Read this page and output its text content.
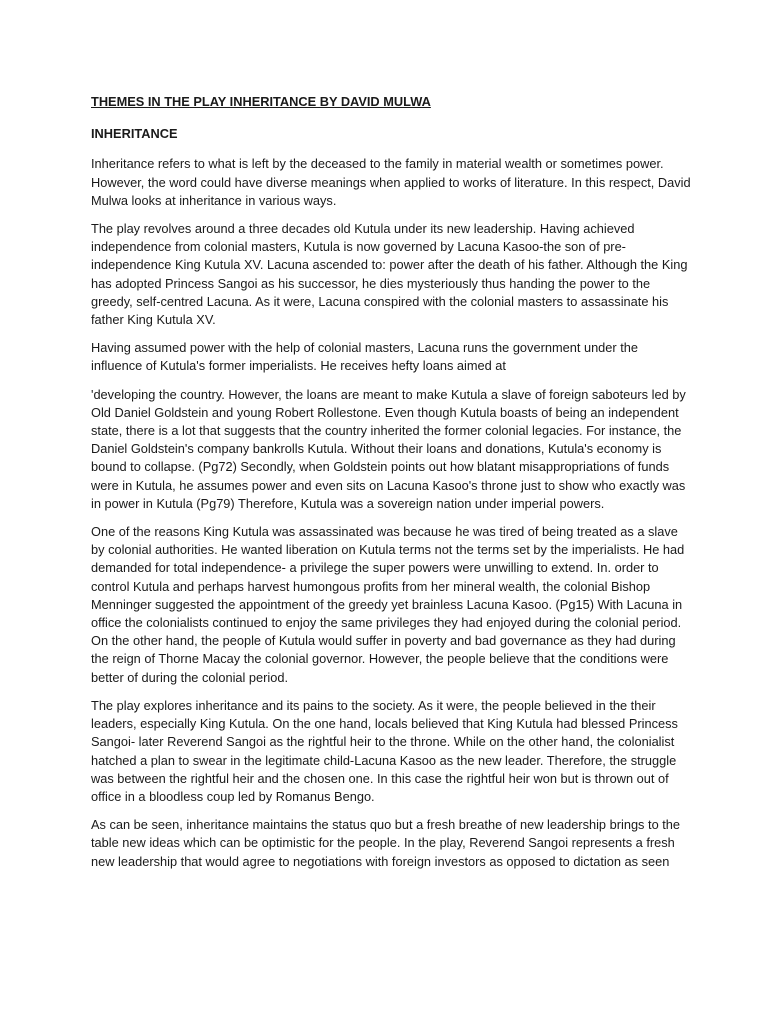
THEMES IN THE PLAY INHERITANCE BY DAVID MULWA
INHERITANCE

Inheritance refers to what is left by the deceased to the family in material wealth or sometimes power. However, the word could have diverse meanings when applied to works of literature. In this respect, David Mulwa looks at inheritance in various ways.

The play revolves around a three decades old Kutula under its new leadership. Having achieved independence from colonial masters, Kutula is now governed by Lacuna Kasoo-the son of pre-independence King Kutula XV. Lacuna ascended to: power after the death of his father. Although the King has adopted Princess Sangoi as his successor, he dies mysteriously thus handing the power to the greedy, self-centred Lacuna. As it were, Lacuna conspired with the colonial masters to assassinate his father King Kutula XV.

Having assumed power with the help of colonial masters, Lacuna runs the government under the influence of Kutula's former imperialists. He receives hefty loans aimed at

'developing the country. However, the loans are meant to make Kutula a slave of foreign saboteurs led by Old Daniel Goldstein and young Robert Rollestone. Even though Kutula boasts of being an independent state, there is a lot that suggests that the country inherited the former colonial legacies. For instance, the Daniel Goldstein's company bankrolls Kutula. Without their loans and donations, Kutula's economy is bound to collapse. (Pg72) Secondly, when Goldstein points out how blatant misappropriations of funds were in Kutula, he assumes power and even sits on Lacuna Kasoo's throne just to show who exactly was in power in Kutula (Pg79) Therefore, Kutula was a sovereign nation under imperial powers.

One of the reasons King Kutula was assassinated was because he was tired of being treated as a slave by colonial authorities. He wanted liberation on Kutula terms not the terms set by the imperialists. He had demanded for total independence- a privilege the super powers were unwilling to extend. In. order to control Kutula and perhaps harvest humongous profits from her mineral wealth, the colonial Bishop Menninger suggested the appointment of the greedy yet brainless Lacuna Kasoo. (Pg15) With Lacuna in office the colonialists continued to enjoy the same privileges they had enjoyed during the colonial period. On the other hand, the people of Kutula would suffer in poverty and bad governance as they had during the reign of Thorne Macay the colonial governor. However, the people believe that the conditions were better of during the colonial period.

The play explores inheritance and its pains to the society. As it were, the people believed in the their leaders, especially King Kutula. On the one hand, locals believed that King Kutula had blessed Princess Sangoi- later Reverend Sangoi as the rightful heir to the throne. While on the other hand, the colonialist hatched a plan to swear in the legitimate child-Lacuna Kasoo as the new leader. Therefore, the struggle was between the rightful heir and the chosen one. In this case the rightful heir won but is thrown out of office in a bloodless coup led by Romanus Bengo.

As can be seen, inheritance maintains the status quo but a fresh breathe of new leadership brings to the table new ideas which can be optimistic for the people. In the play, Reverend Sangoi represents a fresh new leadership that would agree to negotiations with foreign investors as opposed to dictation as seen
